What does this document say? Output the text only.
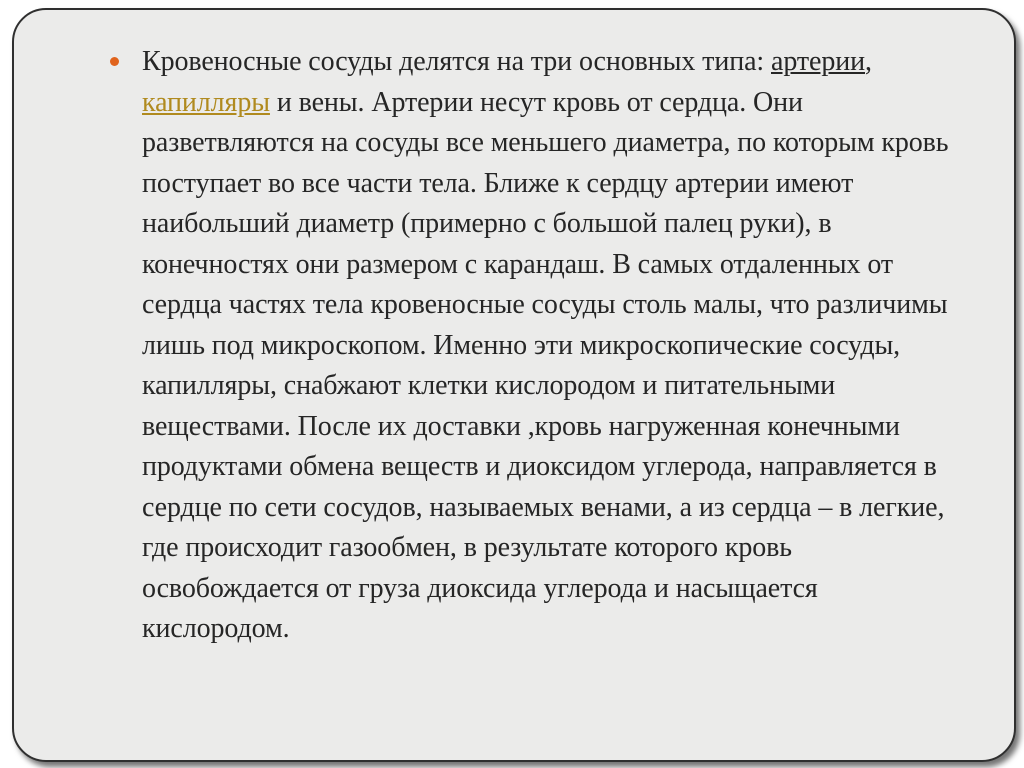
Кровеносные сосуды делятся на три основных типа: артерии, капилляры и вены. Артерии несут кровь от сердца. Они разветвляются на сосуды все меньшего диаметра, по которым кровь поступает во все части тела. Ближе к сердцу артерии имеют наибольший диаметр (примерно с большой палец руки), в конечностях они размером с карандаш. В самых отдаленных от сердца частях тела кровеносные сосуды столь малы, что различимы лишь под микроскопом. Именно эти микроскопические сосуды, капилляры, снабжают клетки кислородом и питательными веществами. После их доставки ,кровь нагруженная конечными продуктами обмена веществ и диоксидом углерода, направляется в сердце по сети сосудов, называемых венами, а из сердца – в легкие, где происходит газообмен, в результате которого кровь освобождается от груза диоксида углерода и насыщается кислородом.
